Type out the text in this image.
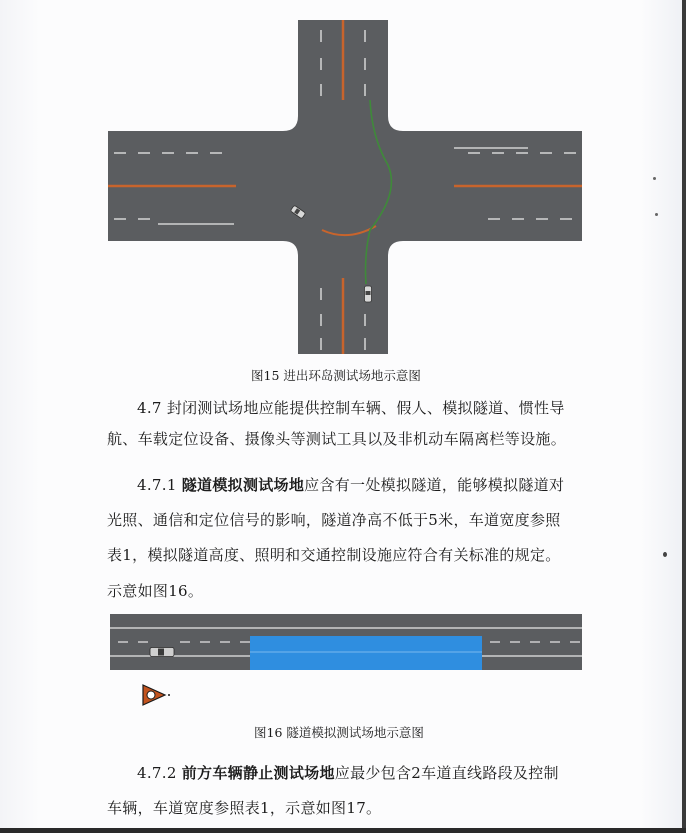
图15 进出环岛测试场地示意图
4.7 封闭测试场地应能提供控制车辆、假人、模拟隧道、惯性导
航、车载定位设备、摄像头等测试工具以及非机动车隔离栏等设施。
4.7.1 隧道模拟测试场地应含有一处模拟隧道，能够模拟隧道对
光照、通信和定位信号的影响，隧道净高不低于5米，车道宽度参照
表1，模拟隧道高度、照明和交通控制设施应符合有关标准的规定。
示意如图16。
图16 隧道模拟测试场地示意图
4.7.2 前方车辆静止测试场地应最少包含2车道直线路段及控制
车辆，车道宽度参照表1，示意如图17。
